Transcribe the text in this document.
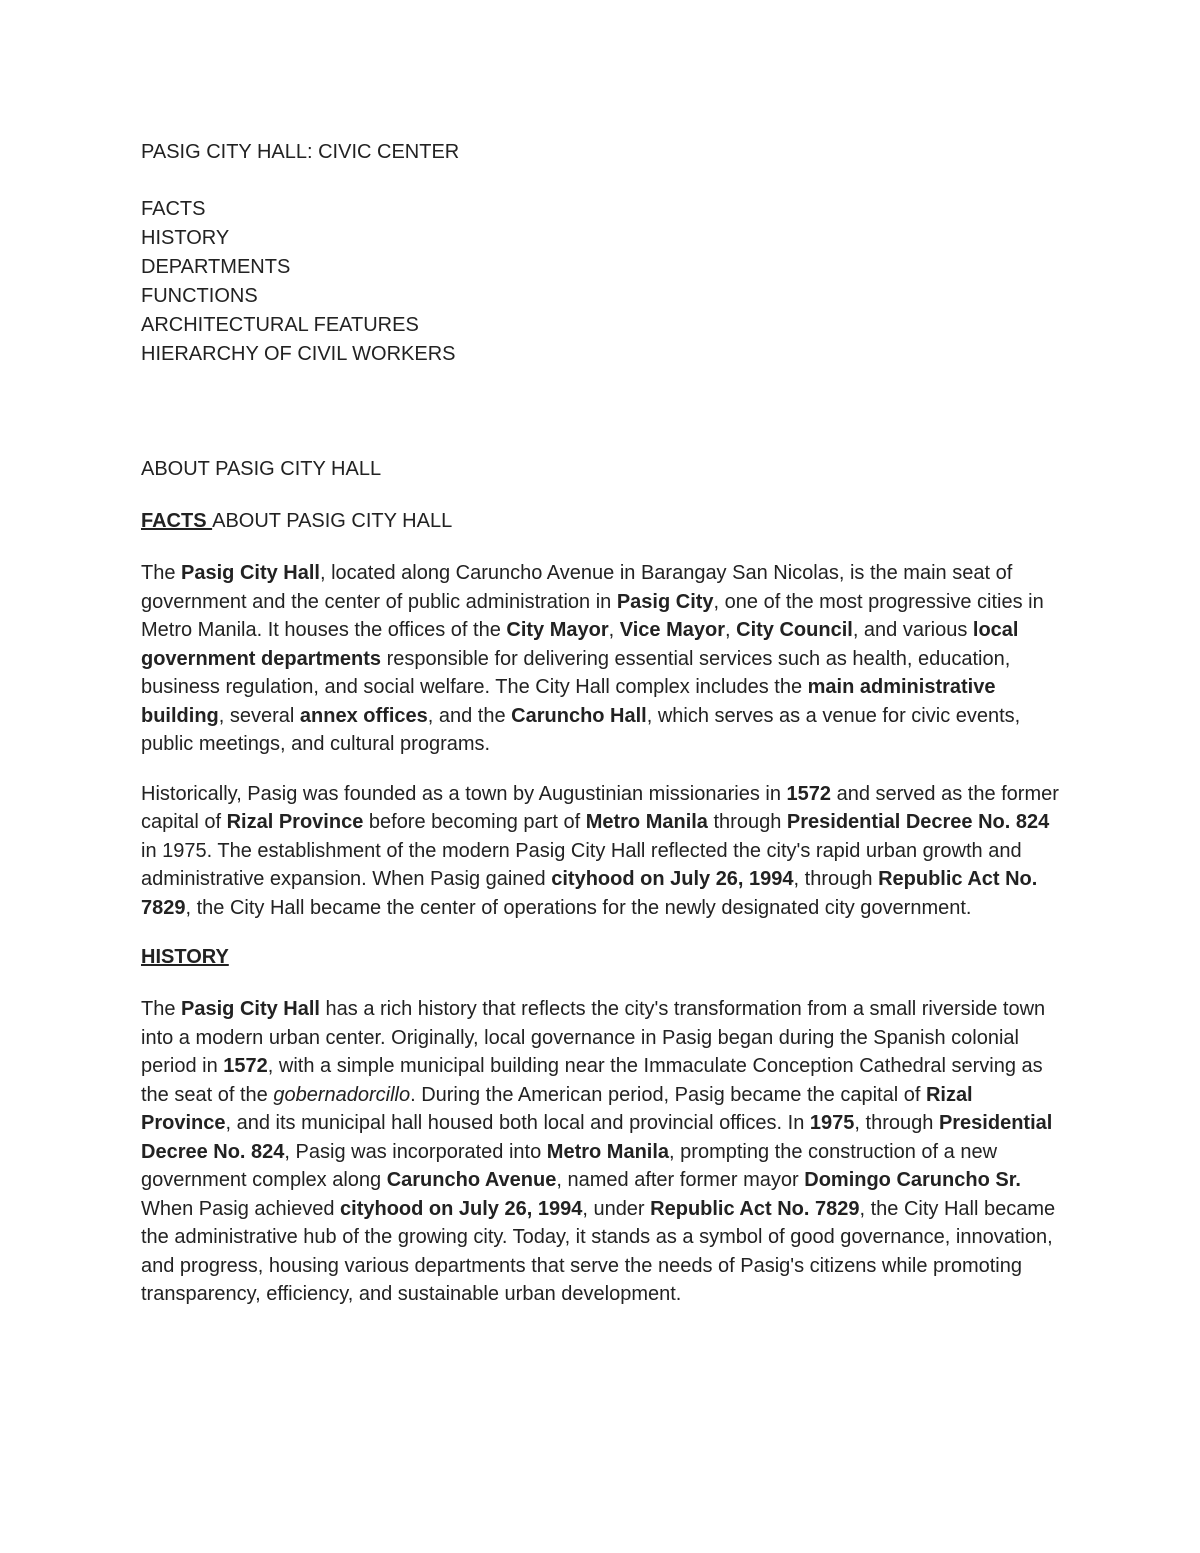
PASIG CITY HALL: CIVIC CENTER
FACTS
HISTORY
DEPARTMENTS
FUNCTIONS
ARCHITECTURAL FEATURES
HIERARCHY OF CIVIL WORKERS
ABOUT PASIG CITY HALL
FACTS ABOUT PASIG CITY HALL

The Pasig City Hall, located along Caruncho Avenue in Barangay San Nicolas, is the main seat of government and the center of public administration in Pasig City, one of the most progressive cities in Metro Manila. It houses the offices of the City Mayor, Vice Mayor, City Council, and various local government departments responsible for delivering essential services such as health, education, business regulation, and social welfare. The City Hall complex includes the main administrative building, several annex offices, and the Caruncho Hall, which serves as a venue for civic events, public meetings, and cultural programs.

Historically, Pasig was founded as a town by Augustinian missionaries in 1572 and served as the former capital of Rizal Province before becoming part of Metro Manila through Presidential Decree No. 824 in 1975. The establishment of the modern Pasig City Hall reflected the city's rapid urban growth and administrative expansion. When Pasig gained cityhood on July 26, 1994, through Republic Act No. 7829, the City Hall became the center of operations for the newly designated city government.

HISTORY

The Pasig City Hall has a rich history that reflects the city's transformation from a small riverside town into a modern urban center. Originally, local governance in Pasig began during the Spanish colonial period in 1572, with a simple municipal building near the Immaculate Conception Cathedral serving as the seat of the gobernadorcillo. During the American period, Pasig became the capital of Rizal Province, and its municipal hall housed both local and provincial offices. In 1975, through Presidential Decree No. 824, Pasig was incorporated into Metro Manila, prompting the construction of a new government complex along Caruncho Avenue, named after former mayor Domingo Caruncho Sr. When Pasig achieved cityhood on July 26, 1994, under Republic Act No. 7829, the City Hall became the administrative hub of the growing city. Today, it stands as a symbol of good governance, innovation, and progress, housing various departments that serve the needs of Pasig's citizens while promoting transparency, efficiency, and sustainable urban development.
